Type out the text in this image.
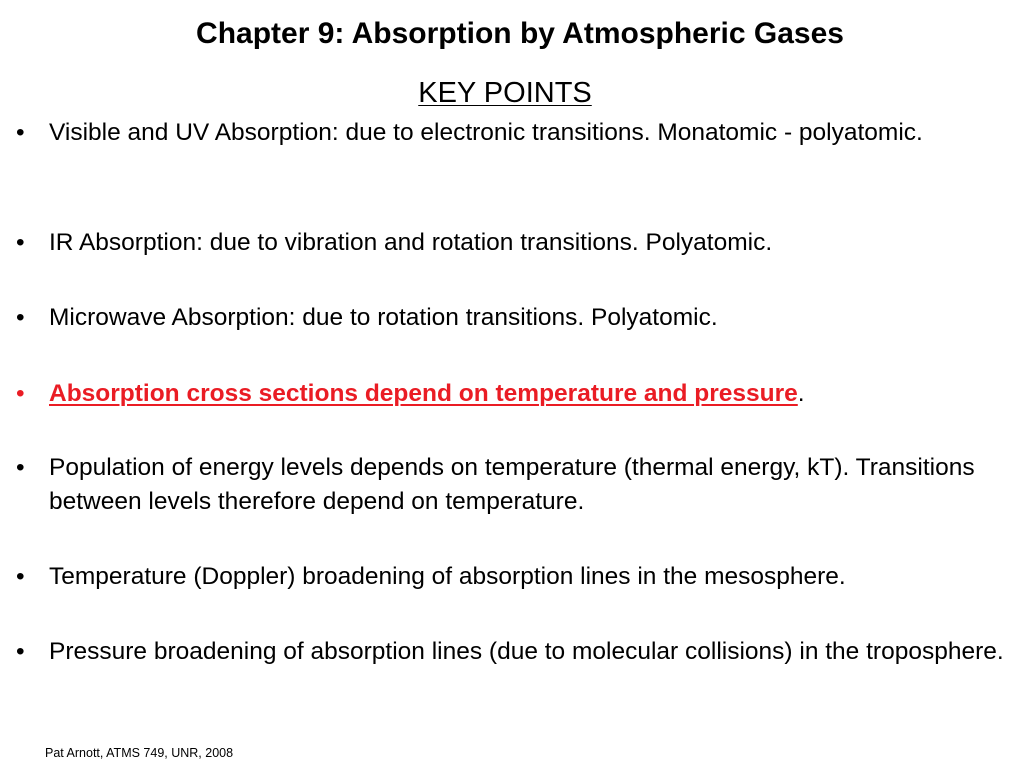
Chapter 9: Absorption by Atmospheric Gases
KEY POINTS
• Visible and UV Absorption: due to electronic transitions. Monatomic - polyatomic.
• IR Absorption: due to vibration and rotation transitions. Polyatomic.
• Microwave Absorption: due to rotation transitions. Polyatomic.
• Absorption cross sections depend on temperature and pressure.
• Population of energy levels depends on temperature (thermal energy, kT). Transitions between levels therefore depend on temperature.
• Temperature (Doppler) broadening of absorption lines in the mesosphere.
• Pressure broadening of absorption lines (due to molecular collisions) in the troposphere.
Pat Arnott, ATMS 749, UNR, 2008
